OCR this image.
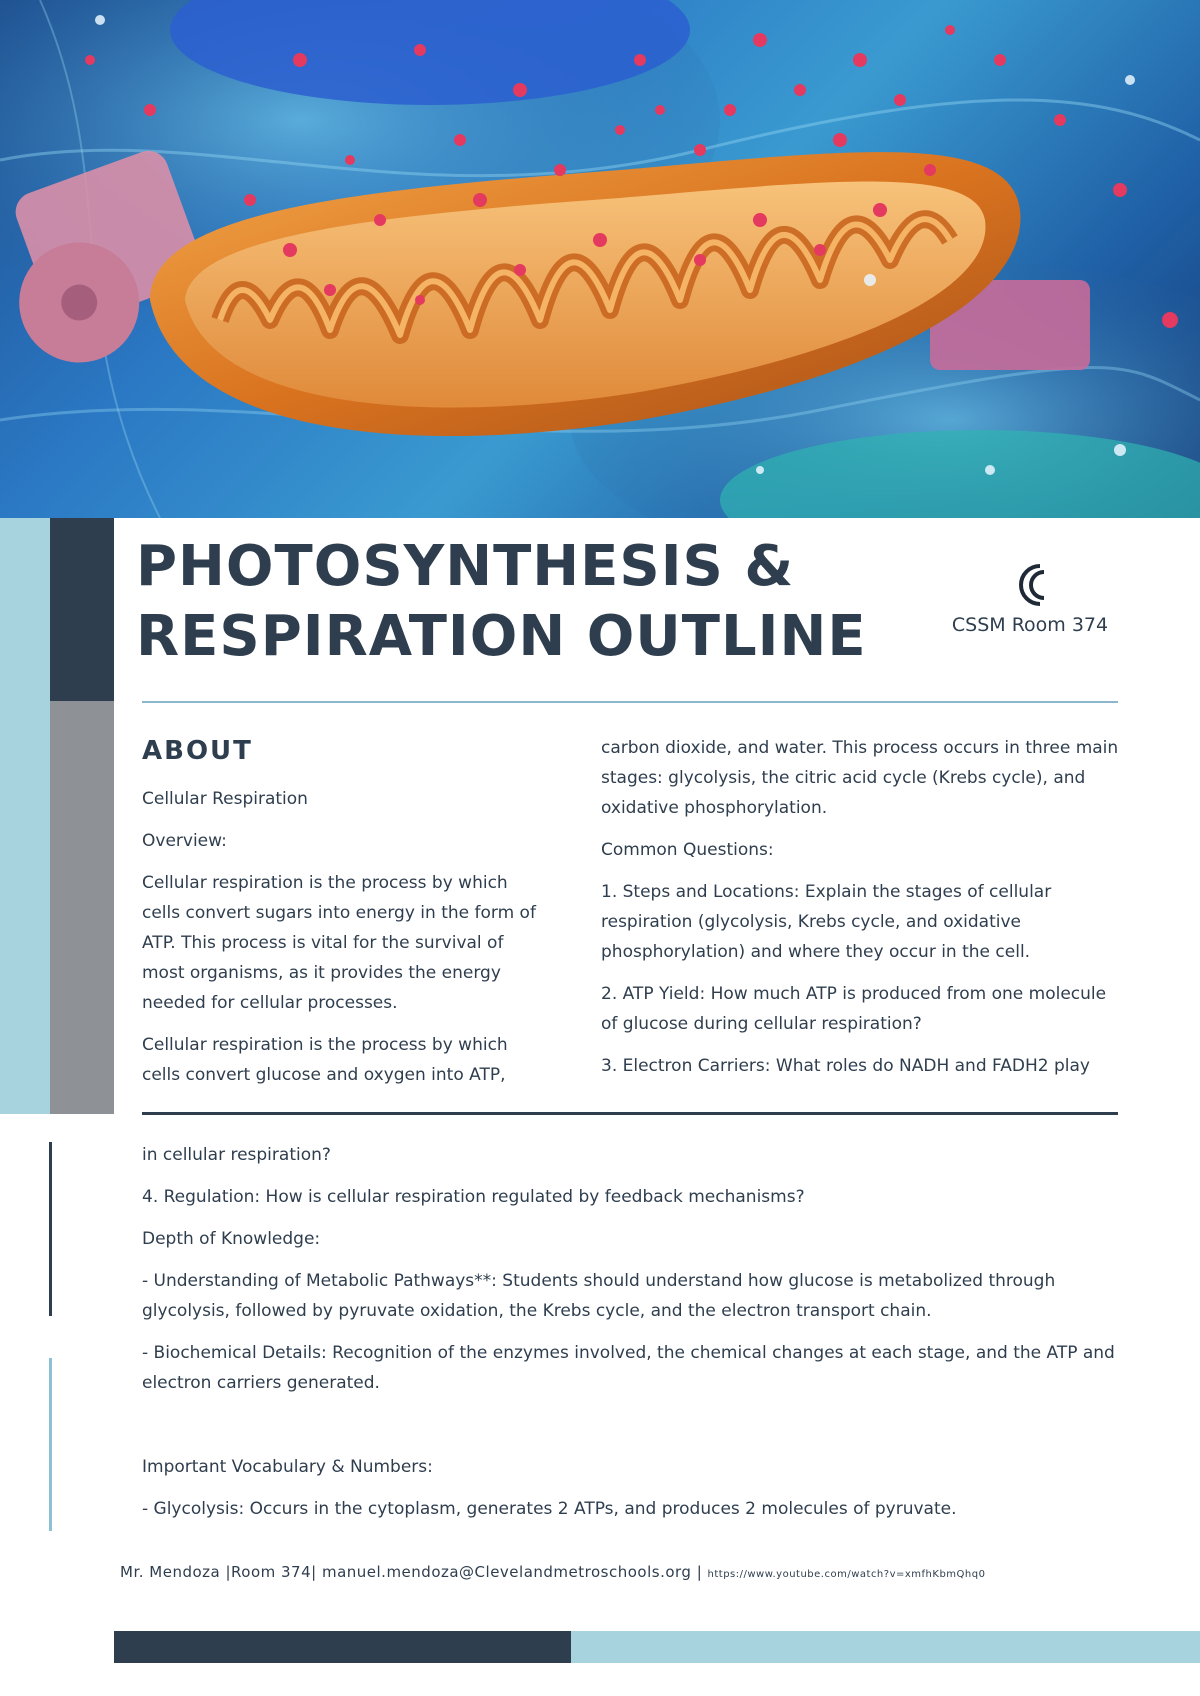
PHOTOSYNTHESIS &
RESPIRATION OUTLINE	CSSM Room 374
ABOUT

Cellular Respiration

Overview:

Cellular respiration is the process by which cells convert sugars into energy in the form of ATP. This process is vital for the survival of most organisms, as it provides the energy needed for cellular processes.

Cellular respiration is the process by which cells convert glucose and oxygen into ATP,

carbon dioxide, and water. This process occurs in three main stages: glycolysis, the citric acid cycle (Krebs cycle), and oxidative phosphorylation.

Common Questions:

1. Steps and Locations: Explain the stages of cellular respiration (glycolysis, Krebs cycle, and oxidative phosphorylation) and where they occur in the cell.

2. ATP Yield: How much ATP is produced from one molecule of glucose during cellular respiration?

3. Electron Carriers: What roles do NADH and FADH2 play

in cellular respiration?

4. Regulation: How is cellular respiration regulated by feedback mechanisms?

Depth of Knowledge:

- Understanding of Metabolic Pathways**: Students should understand how glucose is metabolized through glycolysis, followed by pyruvate oxidation, the Krebs cycle, and the electron transport chain.

- Biochemical Details: Recognition of the enzymes involved, the chemical changes at each stage, and the ATP and electron carriers generated.

Important Vocabulary & Numbers:

- Glycolysis: Occurs in the cytoplasm, generates 2 ATPs, and produces 2 molecules of pyruvate.

Mr. Mendoza |Room 374| manuel.mendoza@Clevelandmetroschools.org | https://www.youtube.com/watch?v=xmfhKbmQhq0
